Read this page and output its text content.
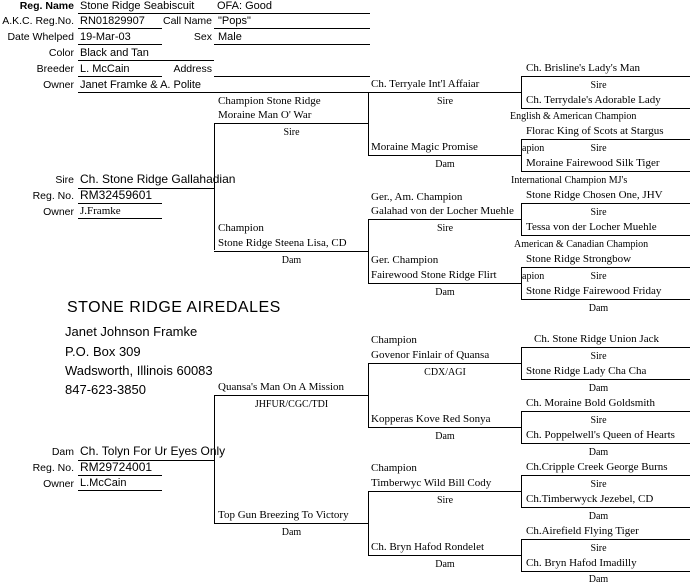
Reg. Name Stone Ridge Seabiscuit OFA: Good
A.K.C. Reg.No. RN01829907 Call Name "Pops"
Date Whelped 19-Mar-03	Sex Male
Color Black and Tan
Breeder L. McCain	Address
Owner Janet Framke & A. Polite
Sire Ch. Stone Ridge Gallahadian
Reg. No. RM32459601
Owner J.Framke
STONE RIDGE AIREDALES
Janet Johnson Framke
P.O. Box 309
Wadsworth, Illinois 60083
847-623-3850
Dam Ch. Tolyn For Ur Eyes Only
Reg. No. RM29724001
Owner L.McCain
Champion Stone Ridge
Moraine Man O' War
Sire
Champion
Stone Ridge Steena Lisa, CD
Dam
Quansa's Man On A Mission
JHFUR/CGC/TDI
Top Gun Breezing To Victory
Dam
Ch. Terryale Int'l Affaiar
Sire
Moraine Magic Promise
Dam
Ger., Am. Champion
Galahad von der Locher Muehle
Sire
Ger. Champion
Fairewood Stone Ridge Flirt
Dam
Champion
Govenor Finlair of Quansa
CDX/AGI
Kopperas Kove Red Sonya
Dam
Champion
Timberwyc Wild Bill Cody
Sire
Ch. Bryn Hafod Rondelet
Dam
Ch. Brisline's Lady's Man
Sire
Ch. Terrydale's Adorable Lady
English & American Champion
Florac King of Scots at Stargus
apion	Sire
Moraine Fairewood Silk Tiger
International Champion MJ's
Stone Ridge Chosen One, JHV
Sire
Tessa von der Locher Muehle
American & Canadian Champion
Stone Ridge Strongbow
apion	Sire
Stone Ridge Fairewood Friday
Dam
Ch. Stone Ridge Union Jack
Sire
Stone Ridge Lady Cha Cha
Dam
Ch. Moraine Bold Goldsmith
Sire
Ch. Poppelwell's Queen of Hearts
Dam
Ch.Cripple Creek George Burns
Sire
Ch.Timberwyck Jezebel, CD
Dam
Ch.Airefield Flying Tiger
Sire
Ch. Bryn Hafod Imadilly
Dam
